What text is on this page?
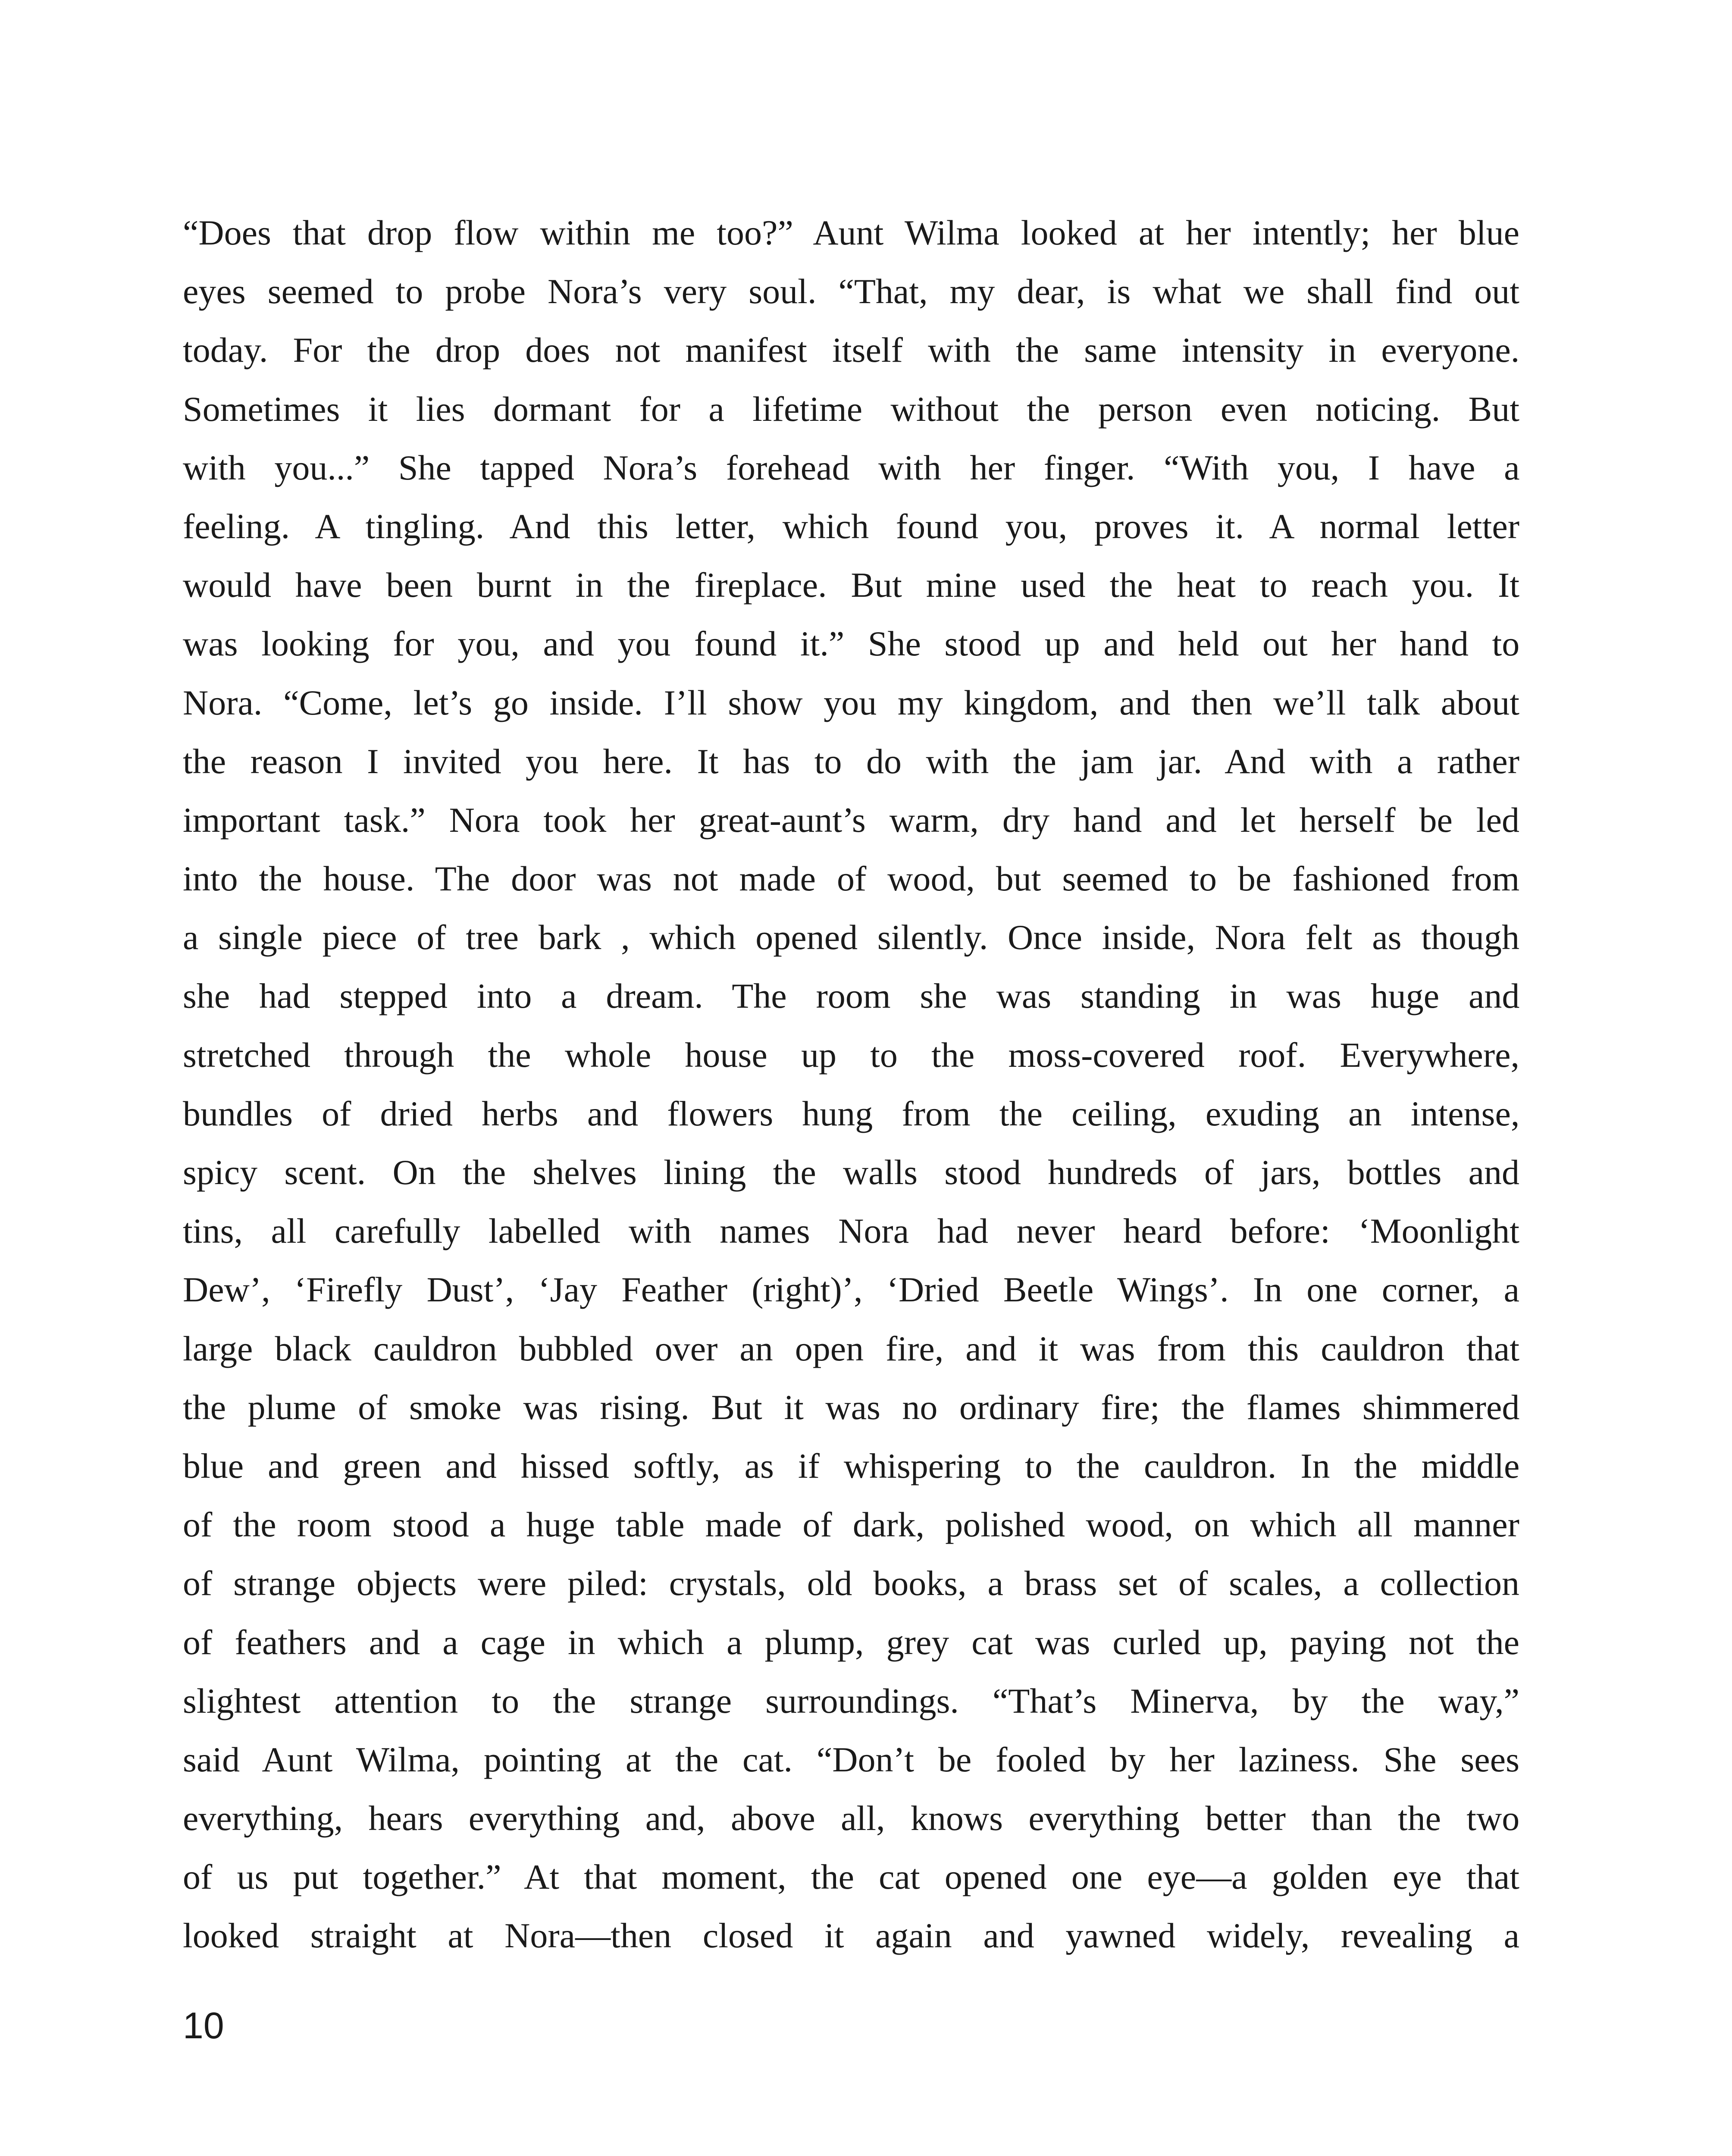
“Does that drop flow within me too?” Aunt Wilma looked at her intently; her blue
eyes seemed to probe Nora’s very soul. “That, my dear, is what we shall find out
today. For the drop does not manifest itself with the same intensity in everyone.
Sometimes it lies dormant for a lifetime without the person even noticing. But
with you...” She tapped Nora’s forehead with her finger. “With you, I have a
feeling. A tingling. And this letter, which found you, proves it. A normal letter
would have been burnt in the fireplace. But mine used the heat to reach you. It
was looking for you, and you found it.” She stood up and held out her hand to
Nora. “Come, let’s go inside. I’ll show you my kingdom, and then we’ll talk about
the reason I invited you here. It has to do with the jam jar. And with a rather
important task.” Nora took her great-aunt’s warm, dry hand and let herself be led
into the house. The door was not made of wood, but seemed to be fashioned from
a single piece of tree bark , which opened silently. Once inside, Nora felt as though
she had stepped into a dream. The room she was standing in was huge and
stretched through the whole house up to the moss-covered roof. Everywhere,
bundles of dried herbs and flowers hung from the ceiling, exuding an intense,
spicy scent. On the shelves lining the walls stood hundreds of jars, bottles and
tins, all carefully labelled with names Nora had never heard before: ‘Moonlight
Dew’, ‘Firefly Dust’, ‘Jay Feather (right)’, ‘Dried Beetle Wings’. In one corner, a
large black cauldron bubbled over an open fire, and it was from this cauldron that
the plume of smoke was rising. But it was no ordinary fire; the flames shimmered
blue and green and hissed softly, as if whispering to the cauldron. In the middle
of the room stood a huge table made of dark, polished wood, on which all manner
of strange objects were piled: crystals, old books, a brass set of scales, a collection
of feathers and a cage in which a plump, grey cat was curled up, paying not the
slightest attention to the strange surroundings. “That’s Minerva, by the way,”
said Aunt Wilma, pointing at the cat. “Don’t be fooled by her laziness. She sees
everything, hears everything and, above all, knows everything better than the two
of us put together.” At that moment, the cat opened one eye—a golden eye that
looked straight at Nora—then closed it again and yawned widely, revealing a
10
